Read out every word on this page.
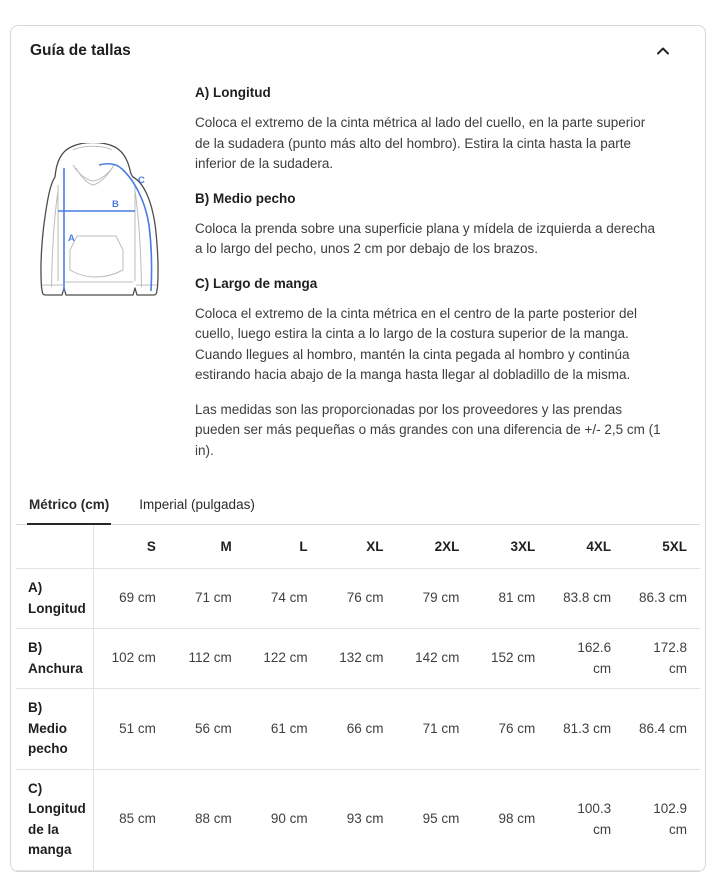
Guía de tallas
A
B
C
A) Longitud

Coloca el extremo de la cinta métrica al lado del cuello, en la parte superior de la sudadera (punto más alto del hombro). Estira la cinta hasta la parte inferior de la sudadera.

B) Medio pecho

Coloca la prenda sobre una superficie plana y mídela de izquierda a derecha a lo largo del pecho, unos 2 cm por debajo de los brazos.

C) Largo de manga

Coloca el extremo de la cinta métrica en el centro de la parte posterior del cuello, luego estira la cinta a lo largo de la costura superior de la manga. Cuando llegues al hombro, mantén la cinta pegada al hombro y continúa estirando hacia abajo de la manga hasta llegar al dobladillo de la misma.

Las medidas son las proporcionadas por los proveedores y las prendas pueden ser más pequeñas o más grandes con una diferencia de +/- 2,5 cm (1 in).

Métrico (cm) Imperial (pulgadas)
	S	M	L	XL	2XL	3XL	4XL	5XL
A) Longitud	69 cm	71 cm	74 cm	76 cm	79 cm	81 cm	83.8 cm	86.3 cm
B) Anchura	102 cm	112 cm	122 cm	132 cm	142 cm	152 cm	162.6 cm	172.8 cm
B) Medio pecho	51 cm	56 cm	61 cm	66 cm	71 cm	76 cm	81.3 cm	86.4 cm
C) Longitud de la manga	85 cm	88 cm	90 cm	93 cm	95 cm	98 cm	100.3 cm	102.9 cm
